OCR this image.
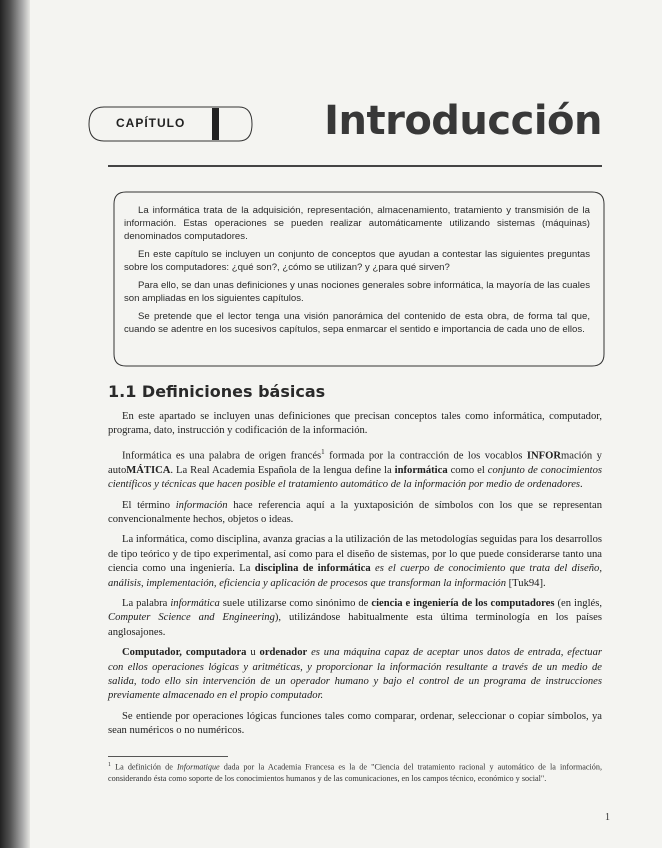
CAPÍTULO	Introducción

La informática trata de la adquisición, representación, almacenamiento, tratamiento y transmisión de la información. Estas operaciones se pueden realizar automáticamente utilizando sistemas (máquinas) denominados computadores.

En este capítulo se incluyen un conjunto de conceptos que ayudan a contestar las siguientes preguntas sobre los computadores: ¿qué son?, ¿cómo se utilizan? y ¿para qué sirven?

Para ello, se dan unas definiciones y unas nociones generales sobre informática, la mayoría de las cuales son ampliadas en los siguientes capítulos.

Se pretende que el lector tenga una visión panorámica del contenido de esta obra, de forma tal que, cuando se adentre en los sucesivos capítulos, sepa enmarcar el sentido e importancia de cada uno de ellos.

1.1 Definiciones básicas

En este apartado se incluyen unas definiciones que precisan conceptos tales como informática, computador, programa, dato, instrucción y codificación de la información.

Informática es una palabra de origen francés$^1$ formada por la contracción de los vocablos INFORmación y autoMÁTICA. La Real Academia Española de la lengua define la informática como el conjunto de conocimientos científicos y técnicas que hacen posible el tratamiento automático de la información por medio de ordenadores.

El término información hace referencia aquí a la yuxtaposición de símbolos con los que se representan convencionalmente hechos, objetos o ideas.

La informática, como disciplina, avanza gracias a la utilización de las metodologías seguidas para los desarrollos de tipo teórico y de tipo experimental, así como para el diseño de sistemas, por lo que puede considerarse tanto una ciencia como una ingeniería. La disciplina de informática es el cuerpo de conocimiento que trata del diseño, análisis, implementación, eficiencia y aplicación de procesos que transforman la información [Tuk94].

La palabra informática suele utilizarse como sinónimo de ciencia e ingeniería de los computadores (en inglés, Computer Science and Engineering), utilizándose habitualmente esta última terminología en los países anglosajones.

Computador, computadora u ordenador es una máquina capaz de aceptar unos datos de entrada, efectuar con ellos operaciones lógicas y aritméticas, y proporcionar la información resultante a través de un medio de salida, todo ello sin intervención de un operador humano y bajo el control de un programa de instrucciones previamente almacenado en el propio computador.

Se entiende por operaciones lógicas funciones tales como comparar, ordenar, seleccionar o copiar símbolos, ya sean numéricos o no numéricos.

$^1$ La definición de Informatique dada por la Academia Francesa es la de "Ciencia del tratamiento racional y automático de la información, considerando ésta como soporte de los conocimientos humanos y de las comunicaciones, en los campos técnico, económico y social".

1
